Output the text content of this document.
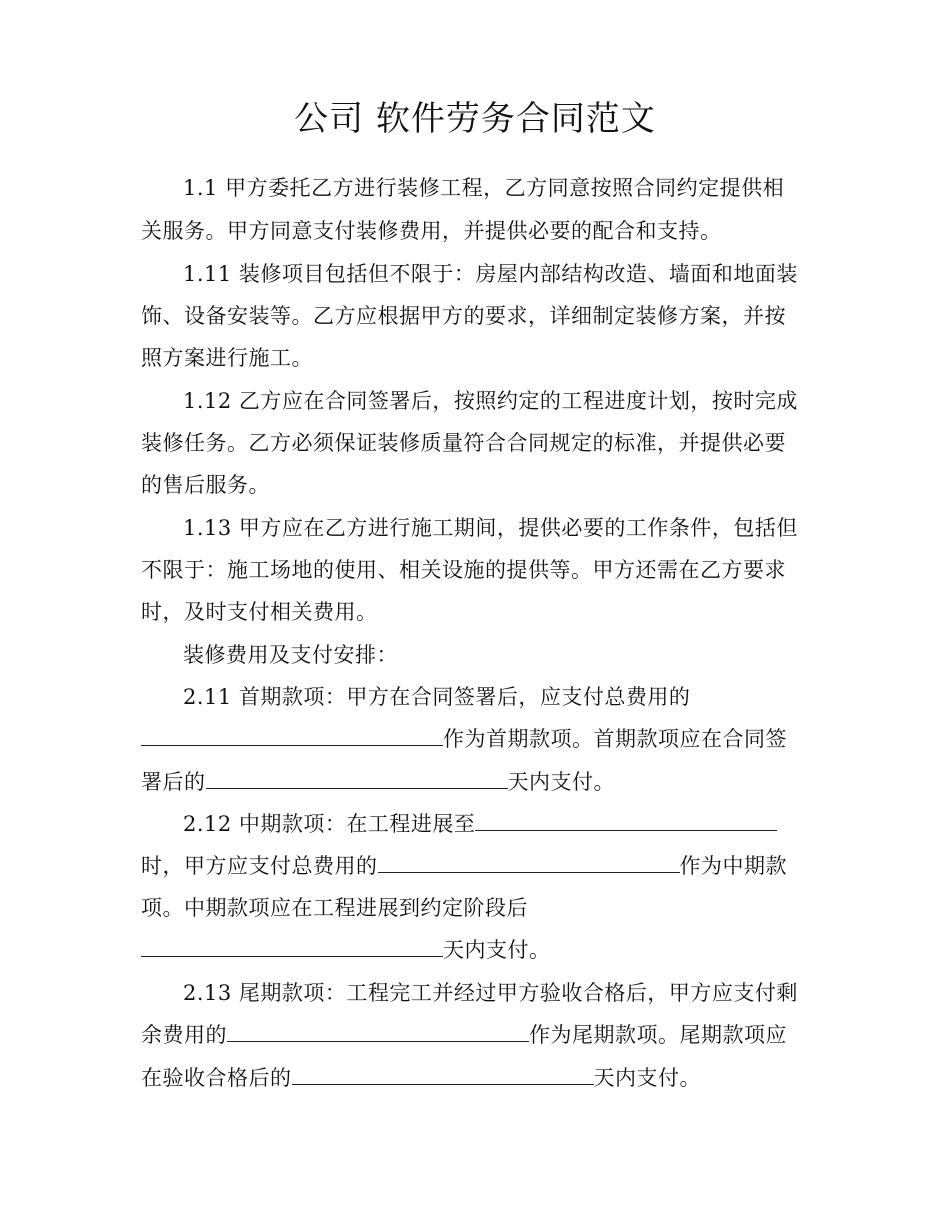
公司 软件劳务合同范文
1.1 甲方委托乙方进行装修工程，乙方同意按照合同约定提供相
关服务。甲方同意支付装修费用，并提供必要的配合和支持。
1.11 装修项目包括但不限于：房屋内部结构改造、墙面和地面装
饰、设备安装等。乙方应根据甲方的要求，详细制定装修方案，并按
照方案进行施工。
1.12 乙方应在合同签署后，按照约定的工程进度计划，按时完成
装修任务。乙方必须保证装修质量符合合同规定的标准，并提供必要
的售后服务。
1.13 甲方应在乙方进行施工期间，提供必要的工作条件，包括但
不限于：施工场地的使用、相关设施的提供等。甲方还需在乙方要求
时，及时支付相关费用。
装修费用及支付安排：
2.11 首期款项：甲方在合同签署后，应支付总费用的
作为首期款项。首期款项应在合同签
署后的	天内支付。
2.12 中期款项：在工程进展至
时，甲方应支付总费用的	作为中期款
项。中期款项应在工程进展到约定阶段后
天内支付。
2.13 尾期款项：工程完工并经过甲方验收合格后，甲方应支付剩
余费用的	作为尾期款项。尾期款项应
在验收合格后的	天内支付。
